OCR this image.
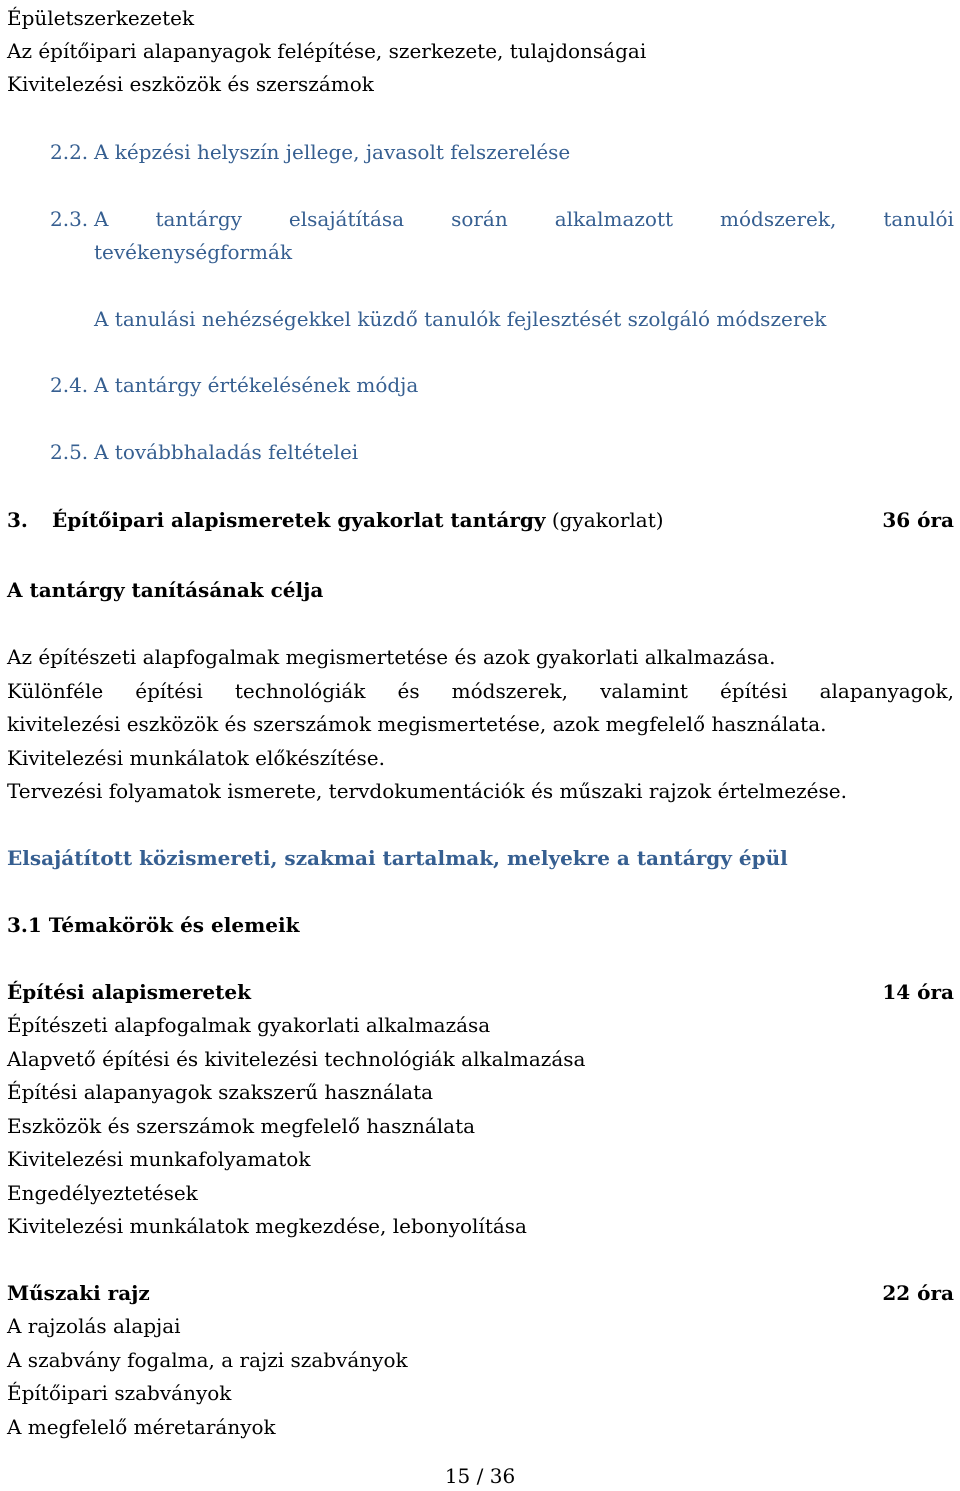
Épületszerkezetek
Az építőipari alapanyagok felépítése, szerkezete, tulajdonságai
Kivitelezési eszközök és szerszámok
2.2. A képzési helyszín jellege, javasolt felszerelése
2.3. A tantárgy elsajátítása során alkalmazott módszerek, tanulói
tevékenységformák
A tanulási nehézségekkel küzdő tanulók fejlesztését szolgáló módszerek
2.4. A tantárgy értékelésének módja
2.5. A továbbhaladás feltételei
3. Építőipari alapismeretek gyakorlat tantárgy (gyakorlat)	36 óra
A tantárgy tanításának célja
Az építészeti alapfogalmak megismertetése és azok gyakorlati alkalmazása.
Különféle építési technológiák és módszerek, valamint építési alapanyagok,
kivitelezési eszközök és szerszámok megismertetése, azok megfelelő használata.
Kivitelezési munkálatok előkészítése.
Tervezési folyamatok ismerete, tervdokumentációk és műszaki rajzok értelmezése.
Elsajátított közismereti, szakmai tartalmak, melyekre a tantárgy épül
3.1 Témakörök és elemeik
Építési alapismeretek	14 óra
Építészeti alapfogalmak gyakorlati alkalmazása
Alapvető építési és kivitelezési technológiák alkalmazása
Építési alapanyagok szakszerű használata
Eszközök és szerszámok megfelelő használata
Kivitelezési munkafolyamatok
Engedélyeztetések
Kivitelezési munkálatok megkezdése, lebonyolítása
Műszaki rajz	22 óra
A rajzolás alapjai
A szabvány fogalma, a rajzi szabványok
Építőipari szabványok
A megfelelő méretarányok
15 / 36
